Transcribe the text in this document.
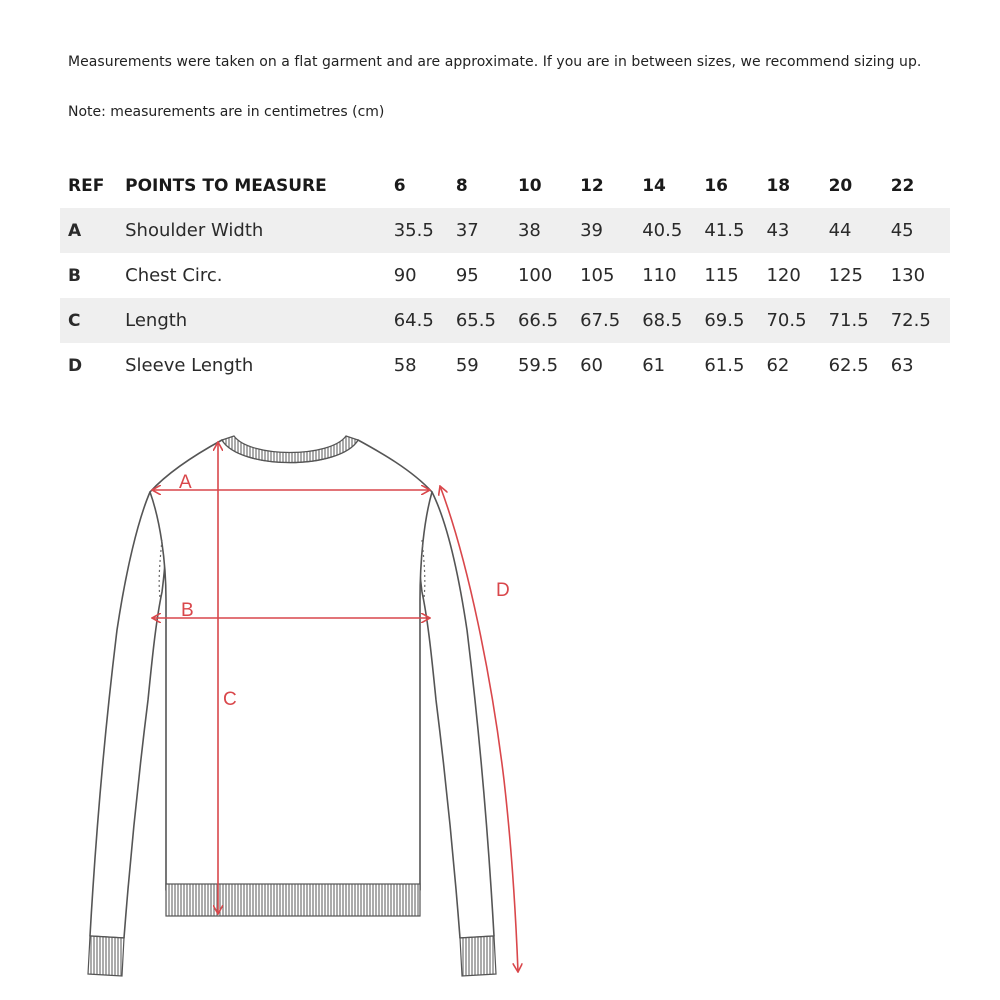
Measurements were taken on a flat garment and are approximate. If you are in between sizes, we recommend sizing up.

Note: measurements are in centimetres (cm)

REF	POINTS TO MEASURE	6	8	10	12	14	16	18	20	22
A	Shoulder Width	35.5	37	38	39	40.5	41.5	43	44	45
B	Chest Circ.	90	95	100	105	110	115	120	125	130
C	Length	64.5	65.5	66.5	67.5	68.5	69.5	70.5	71.5	72.5
D	Sleeve Length	58	59	59.5	60	61	61.5	62	62.5	63
A
B
C
D
